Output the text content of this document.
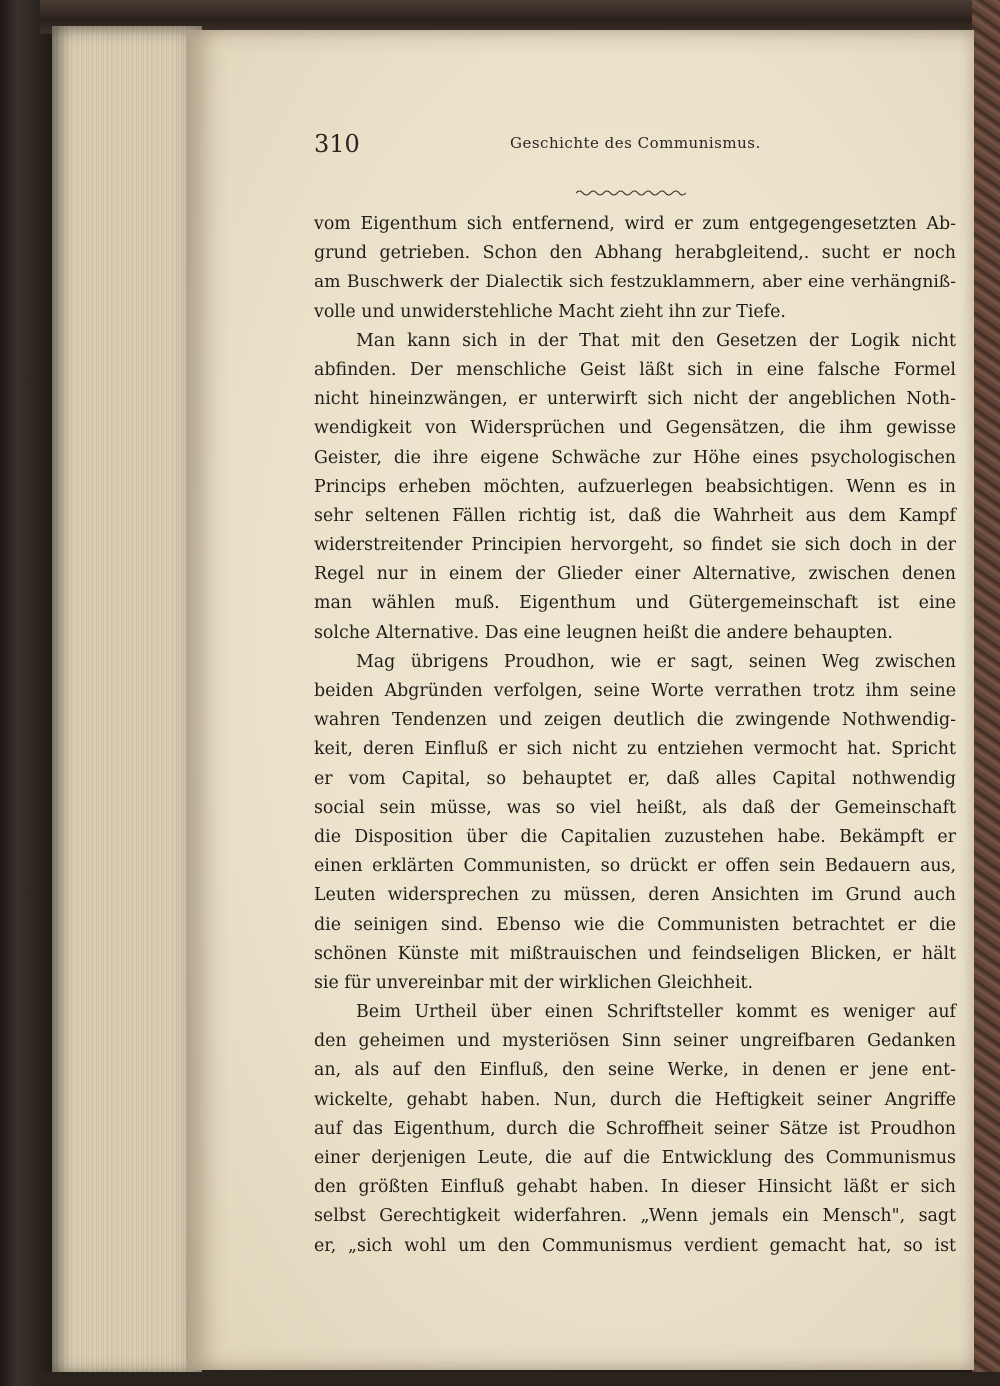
310	Geschichte des Communismus.
vom Eigenthum sich entfernend, wird er zum entgegengesetzten Ab-
grund getrieben. Schon den Abhang herabgleitend,. sucht er noch
am Buschwerk der Dialectik sich festzuklammern, aber eine verhängniß-
volle und unwiderstehliche Macht zieht ihn zur Tiefe.
Man kann sich in der That mit den Gesetzen der Logik nicht
abfinden. Der menschliche Geist läßt sich in eine falsche Formel
nicht hineinzwängen, er unterwirft sich nicht der angeblichen Noth-
wendigkeit von Widersprüchen und Gegensätzen, die ihm gewisse
Geister, die ihre eigene Schwäche zur Höhe eines psychologischen
Princips erheben möchten, aufzuerlegen beabsichtigen. Wenn es in
sehr seltenen Fällen richtig ist, daß die Wahrheit aus dem Kampf
widerstreitender Principien hervorgeht, so findet sie sich doch in der
Regel nur in einem der Glieder einer Alternative, zwischen denen
man wählen muß. Eigenthum und Gütergemeinschaft ist eine
solche Alternative. Das eine leugnen heißt die andere behaupten.
Mag übrigens Proudhon, wie er sagt, seinen Weg zwischen
beiden Abgründen verfolgen, seine Worte verrathen trotz ihm seine
wahren Tendenzen und zeigen deutlich die zwingende Nothwendig-
keit, deren Einfluß er sich nicht zu entziehen vermocht hat. Spricht
er vom Capital, so behauptet er, daß alles Capital nothwendig
social sein müsse, was so viel heißt, als daß der Gemeinschaft
die Disposition über die Capitalien zuzustehen habe. Bekämpft er
einen erklärten Communisten, so drückt er offen sein Bedauern aus,
Leuten widersprechen zu müssen, deren Ansichten im Grund auch
die seinigen sind. Ebenso wie die Communisten betrachtet er die
schönen Künste mit mißtrauischen und feindseligen Blicken, er hält
sie für unvereinbar mit der wirklichen Gleichheit.
Beim Urtheil über einen Schriftsteller kommt es weniger auf
den geheimen und mysteriösen Sinn seiner ungreifbaren Gedanken
an, als auf den Einfluß, den seine Werke, in denen er jene ent-
wickelte, gehabt haben. Nun, durch die Heftigkeit seiner Angriffe
auf das Eigenthum, durch die Schroffheit seiner Sätze ist Proudhon
einer derjenigen Leute, die auf die Entwicklung des Communismus
den größten Einfluß gehabt haben. In dieser Hinsicht läßt er sich
selbst Gerechtigkeit widerfahren. „Wenn jemals ein Mensch", sagt
er, „sich wohl um den Communismus verdient gemacht hat, so ist
